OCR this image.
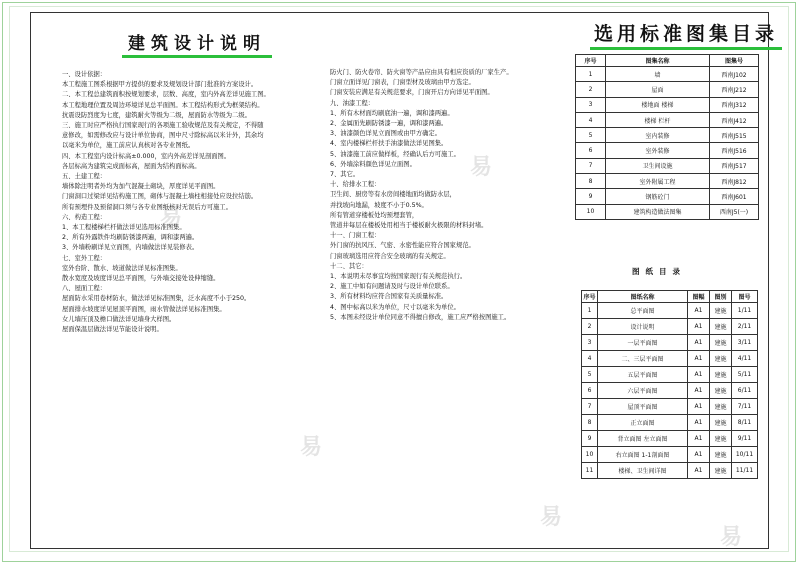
易
易
易
易
易
建筑设计说明	选用标准图集目录

一、设计依据：

本工程施工图系根据甲方提供的要求及规划设计部门批准的方案设计。

二、本工程总建筑面积按规划要求，层数、高度，室内外高差详见施工图。

本工程地理位置及周边环境详见总平面图。本工程结构形式为框架结构。

抗震设防烈度为七度，建筑耐火等级为二级，屋面防水等级为二级。

三、施工时应严格执行国家现行的各项施工验收规范及有关规定，不得随

意修改，如需修改应与设计单位协商，图中尺寸除标高以米计外，其余均

以毫米为单位，施工前应认真核对各专业图纸。

四、本工程室内设计标高±0.000，室内外高差详见剖面图。

各层标高为建筑完成面标高，屋面为结构面标高。

五、土建工程：

墙体除注明者外均为加气混凝土砌块，厚度详见平面图。

门窗洞口过梁详见结构施工图，砌体与混凝土墙柱相接处应设拉结筋。

所有预埋件及预留洞口须与各专业图纸核对无误后方可施工。

六、构造工程：

1、本工程楼梯栏杆做法详见选用标准图集。

2、所有外露铁件均刷防锈漆两遍，调和漆两遍。

3、外墙粉刷详见立面图，内墙做法详见装修表。

七、室外工程：

室外台阶、散水、坡道做法详见标准图集。

散水宽度及坡度详见总平面图，与外墙交接处设伸缩缝。

八、屋面工程：

屋面防水采用卷材防水，做法详见标准图集，泛水高度不小于250。

屋面排水坡度详见屋顶平面图，雨水管做法详见标准图集。

女儿墙压顶及檐口做法详见墙身大样图。

屋面保温层做法详见节能设计说明。

防火门、防火卷帘、防火窗等产品应由具有相应资质的厂家生产。

门窗立面详见门窗表，门窗型材及玻璃由甲方选定。

门窗安装应满足有关规范要求，门窗开启方向详见平面图。

九、油漆工程：

1、所有木材面均刷底油一遍，调和漆两遍。

2、金属面先刷防锈漆一遍，调和漆两遍。

3、油漆颜色详见立面图或由甲方确定。

4、室内楼梯栏杆扶手油漆做法详见图集。

5、油漆施工前应做样板，经确认后方可施工。

6、外墙涂料颜色详见立面图。

7、其它。

十、给排水工程：

卫生间、厨房等有水房间楼地面均做防水层，

并找坡向地漏，坡度不小于0.5%。

所有管道穿楼板处均预埋套管，

管道井每层在楼板处用相当于楼板耐火极限的材料封堵。

十一、门窗工程：

外门窗的抗风压、气密、水密性能应符合国家规范。

门窗玻璃选用应符合安全玻璃的有关规定。

十二、其它：

1、本说明未尽事宜均按国家现行有关规范执行。

2、施工中如有问题请及时与设计单位联系。

3、所有材料均应符合国家有关质量标准。

4、图中标高以米为单位，尺寸以毫米为单位。

5、本图未经设计单位同意不得擅自修改，施工应严格按图施工。

序号	图集名称	图集号
1	墙	西南J102
2	屋面	西南J212
3	楼地面 楼梯	西南J312
4	楼梯 栏杆	西南J412
5	室内装修	西南J515
6	室外装修	西南J516
7	卫生间设施	西南J517
8	室外附属工程	西南J812
9	钢筋砼门	西南J601
10	建筑构造做法图集	西南J5(一)
图纸目录
序号	图纸名称	图幅	图别	图号
1	总平面图	A1	建施	1/11
2	设计说明	A1	建施	2/11
3	一层平面图	A1	建施	3/11
4	二、三层平面图	A1	建施	4/11
5	五层平面图	A1	建施	5/11
6	六层平面图	A1	建施	6/11
7	屋顶平面图	A1	建施	7/11
8	正立面图	A1	建施	8/11
9	背立面图 左立面图	A1	建施	9/11
10	右立面图 1-1剖面图	A1	建施	10/11
11	楼梯、卫生间详图	A1	建施	11/11
